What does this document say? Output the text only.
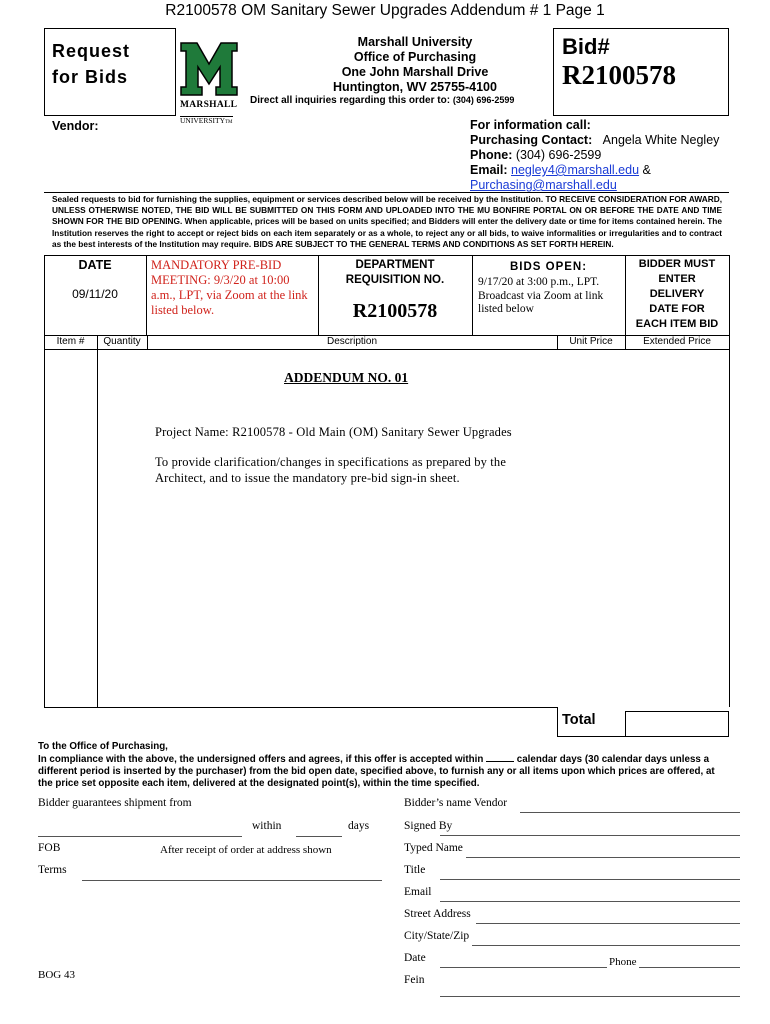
R2100578 OM Sanitary Sewer Upgrades Addendum # 1 Page 1
Request
for Bids
Bid#
R2100578
MARSHALL
UNIVERSITYTM
Marshall University
Office of Purchasing
One John Marshall Drive
Huntington, WV 25755-4100
Direct all inquiries regarding this order to: (304) 696-2599
Vendor:	For information call:
Purchasing Contact: Angela White Negley
Phone: (304) 696-2599
Email: negley4@marshall.edu &
Purchasing@marshall.edu
Sealed requests to bid for furnishing the supplies, equipment or services described below will be received by the Institution. TO RECEIVE CONSIDERATION FOR AWARD, UNLESS OTHERWISE NOTED, THE BID WILL BE SUBMITTED ON THIS FORM AND UPLOADED INTO THE MU BONFIRE PORTAL ON OR BEFORE THE DATE AND TIME SHOWN FOR THE BID OPENING. When applicable, prices will be based on units specified; and Bidders will enter the delivery date or time for items contained herein. The Institution reserves the right to accept or reject bids on each item separately or as a whole, to reject any or all bids, to waive informalities or irregularities and to contract as the best interests of the Institution may require. BIDS ARE SUBJECT TO THE GENERAL TERMS AND CONDITIONS AS SET FORTH HEREIN.
DATE
09/11/20
MANDATORY PRE-BID MEETING: 9/3/20 at 10:00 a.m., LPT, via Zoom at the link listed below.
DEPARTMENT
REQUISITION NO.
R2100578
BIDS OPEN:
9/17/20 at 3:00 p.m., LPT. Broadcast via Zoom at link listed below
BIDDER MUST
ENTER
DELIVERY
DATE FOR
EACH ITEM BID
Item #	Quantity	Description	Unit Price	Extended Price
ADDENDUM NO. 01
Project Name: R2100578 - Old Main (OM) Sanitary Sewer Upgrades
To provide clarification/changes in specifications as prepared by the Architect, and to issue the mandatory pre-bid sign-in sheet.
Total
To the Office of Purchasing,
In compliance with the above, the undersigned offers and agrees, if this offer is accepted within	calendar days (30 calendar days unless a different period is inserted by the purchaser) from the bid open date, specified above, to furnish any or all items upon which prices are offered, at the price set opposite each item, delivered at the designated point(s), within the time specified.
Bidder guarantees shipment from
within	days
FOB	After receipt of order at address shown
Terms
BOG 43
Bidder’s name Vendor
Signed By
Typed Name
Title
Email
Street Address
City/State/Zip
Date	Phone
Fein
